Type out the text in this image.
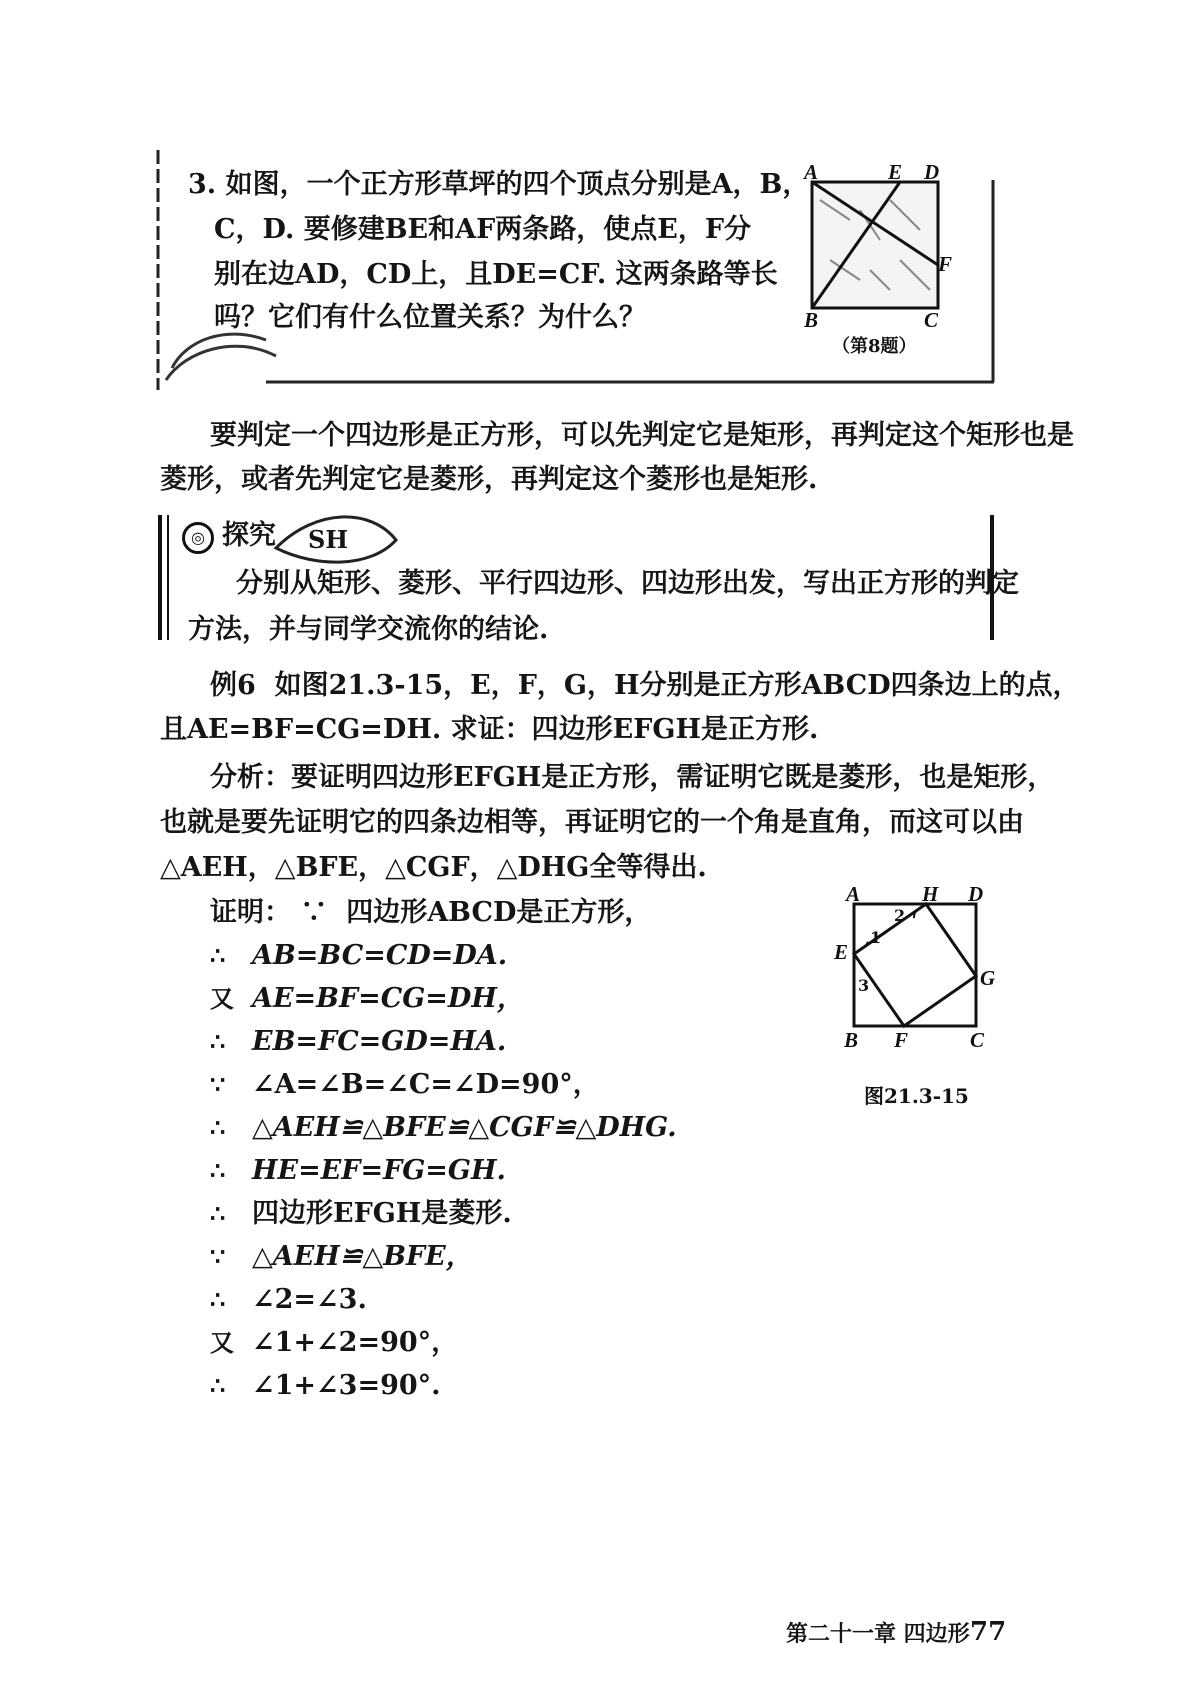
3. 如图，一个正方形草坪的四个顶点分别是A，B，
C，D. 要修建BE和AF两条路，使点E，F分
别在边AD，CD上，且DE=CF. 这两条路等长
吗？它们有什么位置关系？为什么？
A	E D
F
B	C
（第8题）
要判定一个四边形是正方形，可以先判定它是矩形，再判定这个矩形也是
菱形，或者先判定它是菱形，再判定这个菱形也是矩形.
◎ 探究 SH
分别从矩形、菱形、平行四边形、四边形出发，写出正方形的判定
方法，并与同学交流你的结论.
例6 如图21.3-15，E，F，G，H分别是正方形ABCD四条边上的点，
且AE=BF=CG=DH. 求证：四边形EFGH是正方形.
分析：要证明四边形EFGH是正方形，需证明它既是菱形，也是矩形，
也就是要先证明它的四条边相等，再证明它的一个角是直角，而这可以由
△AEH，△BFE，△CGF，△DHG全等得出.
证明： ∵ 四边形ABCD是正方形，
∴ AB=BC=CD=DA.
又 AE=BF=CG=DH，
∴ EB=FC=GD=HA.
∵ ∠A=∠B=∠C=∠D=90°，
∴ △AEH≌△BFE≌△CGF≌△DHG.
∴ HE=EF=FG=GH.
∴ 四边形EFGH是菱形.
∵ △AEH≌△BFE，
∴ ∠2=∠3.
又 ∠1+∠2=90°，
∴ ∠1+∠3=90°.
A	H D
E
G
B F	C
1
2
3
图21.3-15
第二十一章 四边形 77
